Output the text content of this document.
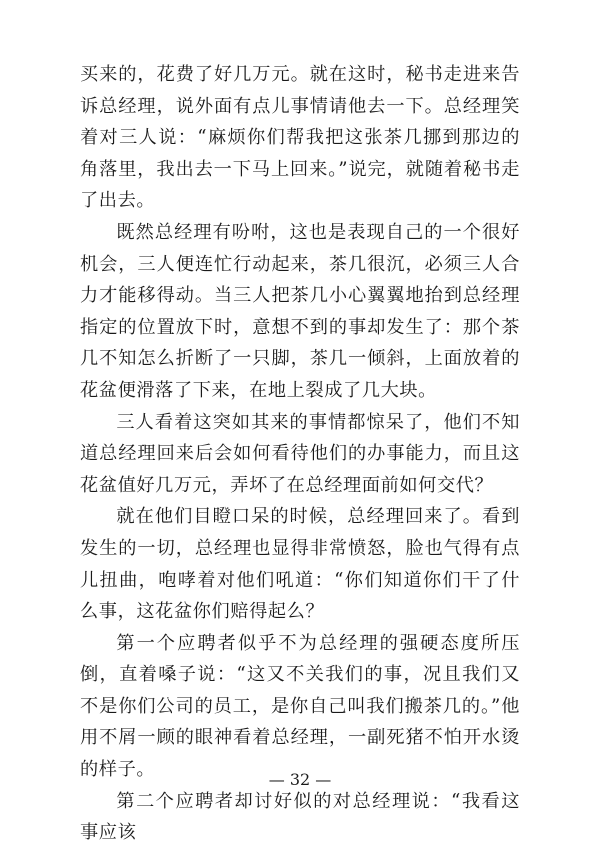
买来的，花费了好几万元。就在这时，秘书走进来告诉总经理，说外面有点儿事情请他去一下。总经理笑着对三人说：“麻烦你们帮我把这张茶几挪到那边的角落里，我出去一下马上回来。”说完，就随着秘书走了出去。

既然总经理有吩咐，这也是表现自己的一个很好机会，三人便连忙行动起来，茶几很沉，必须三人合力才能移得动。当三人把茶几小心翼翼地抬到总经理指定的位置放下时，意想不到的事却发生了：那个茶几不知怎么折断了一只脚，茶几一倾斜，上面放着的花盆便滑落了下来，在地上裂成了几大块。

三人看着这突如其来的事情都惊呆了，他们不知道总经理回来后会如何看待他们的办事能力，而且这花盆值好几万元，弄坏了在总经理面前如何交代？

就在他们目瞪口呆的时候，总经理回来了。看到发生的一切，总经理也显得非常愤怒，脸也气得有点儿扭曲，咆哮着对他们吼道：“你们知道你们干了什么事，这花盆你们赔得起么？

第一个应聘者似乎不为总经理的强硬态度所压倒，直着嗓子说：“这又不关我们的事，况且我们又不是你们公司的员工，是你自己叫我们搬茶几的。”他用不屑一顾的眼神看着总经理，一副死猪不怕开水烫的样子。

第二个应聘者却讨好似的对总经理说：“我看这事应该

— 32 —
